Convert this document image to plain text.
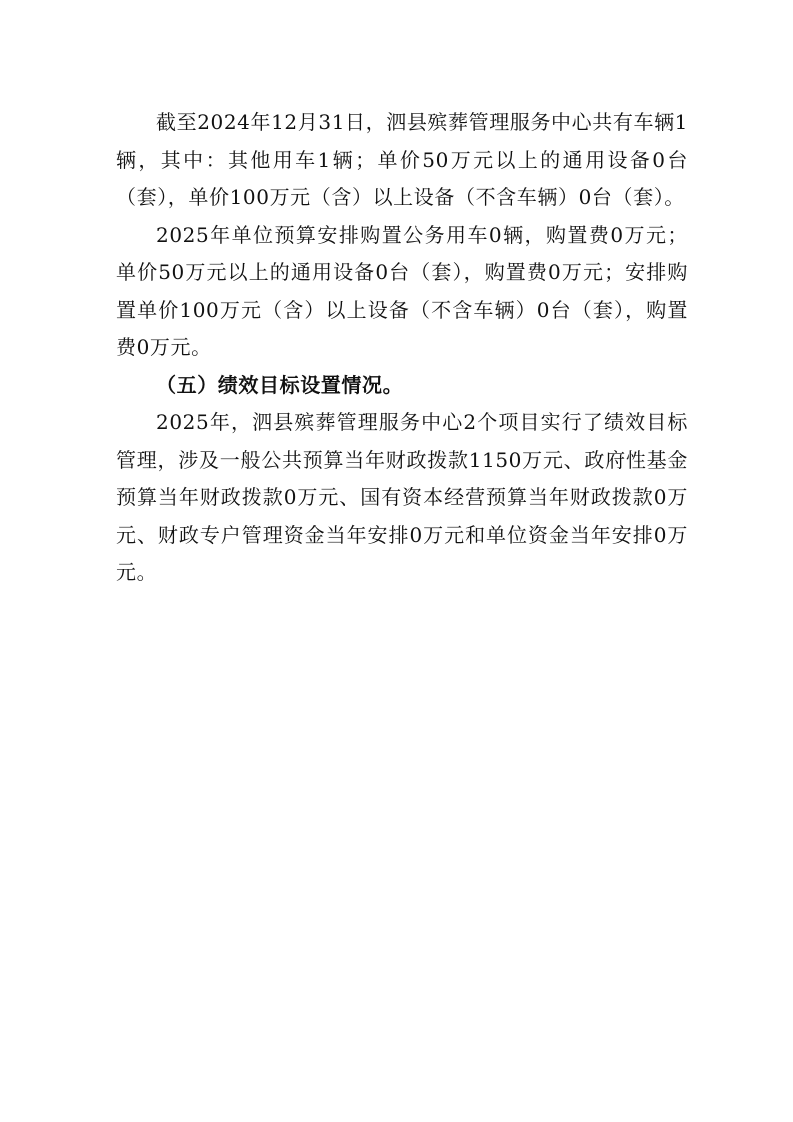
截至2024年12月31日，泗县殡葬管理服务中心共有车辆1辆，其中：其他用车1辆；单价50万元以上的通用设备0台（套），单价100万元（含）以上设备（不含车辆）0台（套）。

2025年单位预算安排购置公务用车0辆，购置费0万元；单价50万元以上的通用设备0台（套），购置费0万元；安排购置单价100万元（含）以上设备（不含车辆）0台（套），购置费0万元。

（五）绩效目标设置情况。

2025年，泗县殡葬管理服务中心2个项目实行了绩效目标管理，涉及一般公共预算当年财政拨款1150万元、政府性基金预算当年财政拨款0万元、国有资本经营预算当年财政拨款0万元、财政专户管理资金当年安排0万元和单位资金当年安排0万元。
